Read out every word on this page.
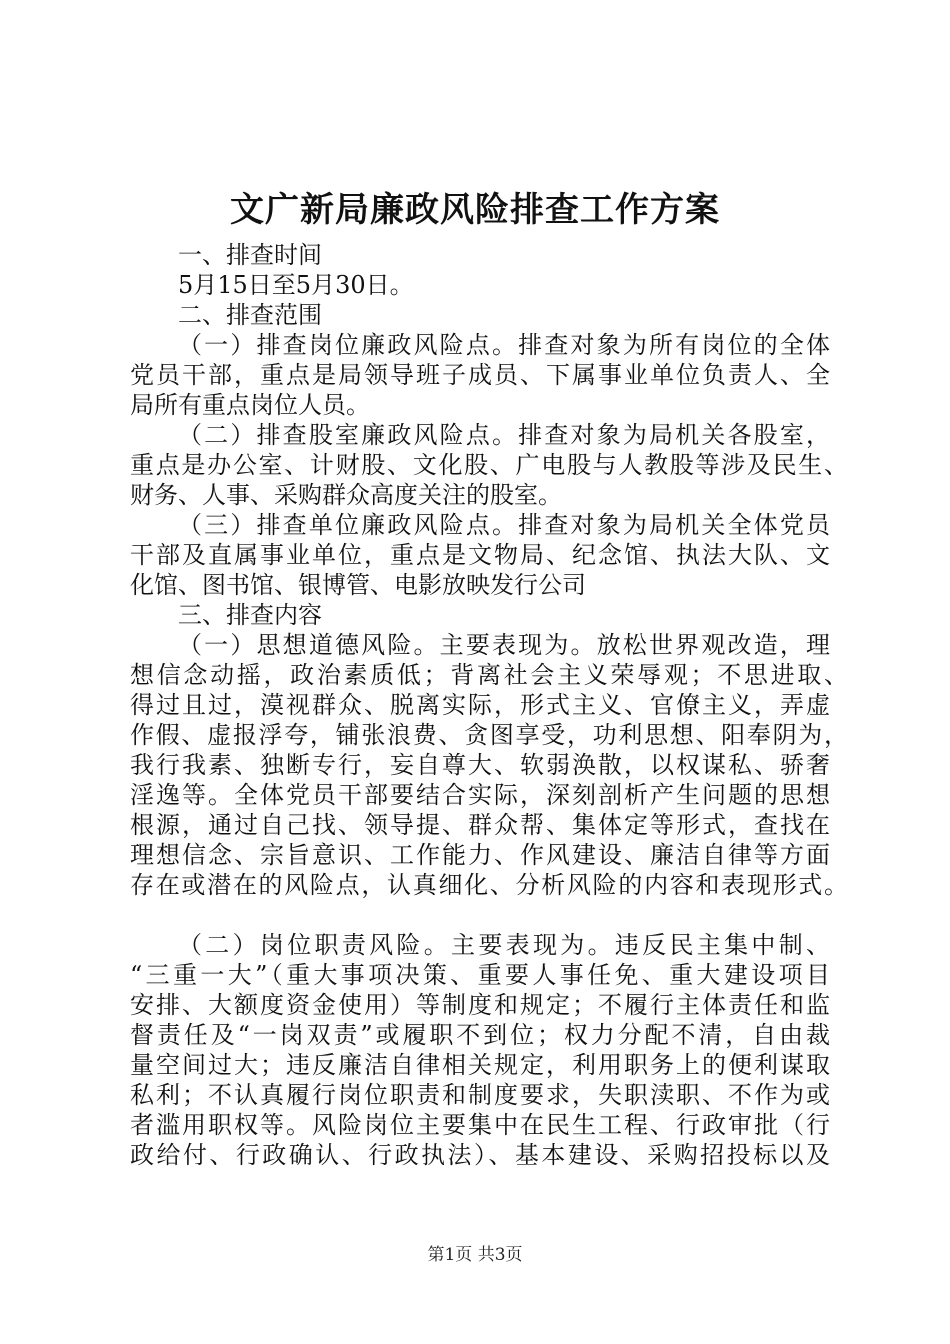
文广新局廉政风险排查工作方案
一、排查时间
5月15日至5月30日。
二、排查范围
（一）排查岗位廉政风险点。排查对象为所有岗位的全体
党员干部，重点是局领导班子成员、下属事业单位负责人、全
局所有重点岗位人员。
（二）排查股室廉政风险点。排查对象为局机关各股室，
重点是办公室、计财股、文化股、广电股与人教股等涉及民生、
财务、人事、采购群众高度关注的股室。
（三）排查单位廉政风险点。排查对象为局机关全体党员
干部及直属事业单位，重点是文物局、纪念馆、执法大队、文
化馆、图书馆、银博管、电影放映发行公司
三、排查内容
（一）思想道德风险。主要表现为。放松世界观改造，理
想信念动摇，政治素质低；背离社会主义荣辱观；不思进取、
得过且过，漠视群众、脱离实际，形式主义、官僚主义，弄虚
作假、虚报浮夸，铺张浪费、贪图享受，功利思想、阳奉阴为，
我行我素、独断专行，妄自尊大、软弱涣散，以权谋私、骄奢
淫逸等。全体党员干部要结合实际，深刻剖析产生问题的思想
根源，通过自己找、领导提、群众帮、集体定等形式，查找在
理想信念、宗旨意识、工作能力、作风建设、廉洁自律等方面
存在或潜在的风险点，认真细化、分析风险的内容和表现形式。
（二）岗位职责风险。主要表现为。违反民主集中制、
“三重一大”（重大事项决策、重要人事任免、重大建设项目
安排、大额度资金使用）等制度和规定；不履行主体责任和监
督责任及“一岗双责”或履职不到位；权力分配不清，自由裁
量空间过大；违反廉洁自律相关规定，利用职务上的便利谋取
私利；不认真履行岗位职责和制度要求，失职渎职、不作为或
者滥用职权等。风险岗位主要集中在民生工程、行政审批（行
政给付、行政确认、行政执法）、基本建设、采购招投标以及
第1页 共3页
